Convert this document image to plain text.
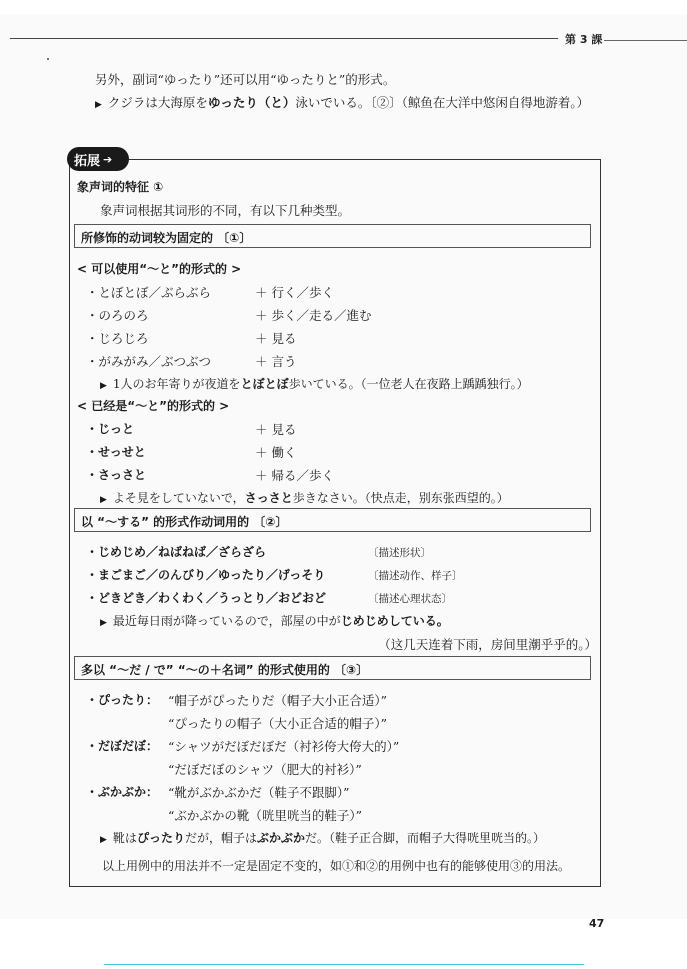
第 3 課
另外，副词“ゆったり”还可以用“ゆったりと”的形式。
▶ クジラは大海原をゆったり（と）泳いでいる。〔②〕（鲸鱼在大洋中悠闲自得地游着。）
拓展 ➔
象声词的特征 ①
象声词根据其词形的不同，有以下几种类型。
所修饰的动词较为固定的 〔①〕
< 可以使用“～と”的形式的 >
・とぼとぼ／ぶらぶら	＋ 行く／歩く
・のろのろ	＋ 歩く／走る／進む
・じろじろ	＋ 見る
・がみがみ／ぶつぶつ	＋ 言う
▶ 1人のお年寄りが夜道をとぼとぼ歩いている。（一位老人在夜路上踽踽独行。）
< 已经是“～と”的形式的 >
・じっと	＋ 見る
・せっせと	＋ 働く
・さっさと	＋ 帰る／歩く
▶ よそ見をしていないで，さっさと歩きなさい。（快点走，别东张西望的。）
以 “～する” 的形式作动词用的 〔②〕
・じめじめ／ねばねば／ざらざら	〔描述形状〕
・まごまご／のんびり／ゆったり／げっそり	〔描述动作、样子〕
・どきどき／わくわく／うっとり／おどおど	〔描述心理状态〕
▶ 最近毎日雨が降っているので，部屋の中がじめじめしている。
（这几天连着下雨，房间里潮乎乎的。）
多以 “～だ / で” “～の＋名词” 的形式使用的 〔③〕
・ぴったり： “帽子がぴったりだ（帽子大小正合适）”
“ぴったりの帽子（大小正合适的帽子）”
・だぼだぼ： “シャツがだぼだぼだ（衬衫侉大侉大的）”
“だぼだぼのシャツ（肥大的衬衫）”
・ぶかぶか： “靴がぶかぶかだ（鞋子不跟脚）”
“ぶかぶかの靴（咣里咣当的鞋子）”
▶ 靴はぴったりだが，帽子はぶかぶかだ。（鞋子正合脚，而帽子大得咣里咣当的。）
以上用例中的用法并不一定是固定不变的，如①和②的用例中也有的能够使用③的用法。
47
